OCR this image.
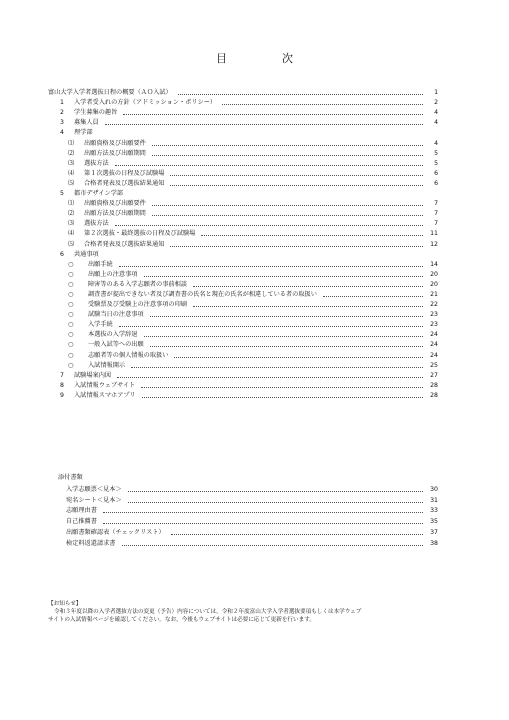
目　次
富山大学入学者選抜日程の概要（ＡＯ入試）	1
1	入学者受入れの方針（アドミッション・ポリシー）	2
2	学生募集の趣旨	4
3	募集人員	4
4	理学部
⑴	出願資格及び出願要件	4
⑵	出願方法及び出願期間	5
⑶	選抜方法	5
⑷	第１次選抜の日程及び試験場	6
⑸	合格者発表及び選抜結果通知	6
5	都市デザイン学部
⑴	出願資格及び出願要件	7
⑵	出願方法及び出願期間	7
⑶	選抜方法	7
⑷	第２次選抜・最終選抜の日程及び試験場	11
⑸	合格者発表及び選抜結果通知	12
6	共通事項
○	出願手続	14
○	出願上の注意事項	20
○	障害等のある入学志願者の事前相談	20
○	調査書が提出できない者及び調査書の氏名と現在の氏名が相違している者の取扱い	21
○	受験票及び受験上の注意事項の印刷	22
○	試験当日の注意事項	23
○	入学手続	23
○	本選抜の入学辞退	24
○	一般入試等への出願	24
○	志願者等の個人情報の取扱い	24
○	入試情報開示	25
7	試験場案内図	27
8	入試情報ウェブサイト	28
9	入試情報スマホアプリ	28
添付書類
入学志願票＜見本＞	30
宛名シート＜見本＞	31
志願理由書	33
自己推薦書	35
出願書類確認表（チェックリスト）	37
検定料返還請求書	38
【お知らせ】
令和３年度以降の入学者選抜方法の変更（予告）内容については，令和２年度富山大学入学者選抜要項もしくは本学ウェブ
サイトの入試情報ページを確認してください。なお，今後もウェブサイトは必要に応じて更新を行います。
